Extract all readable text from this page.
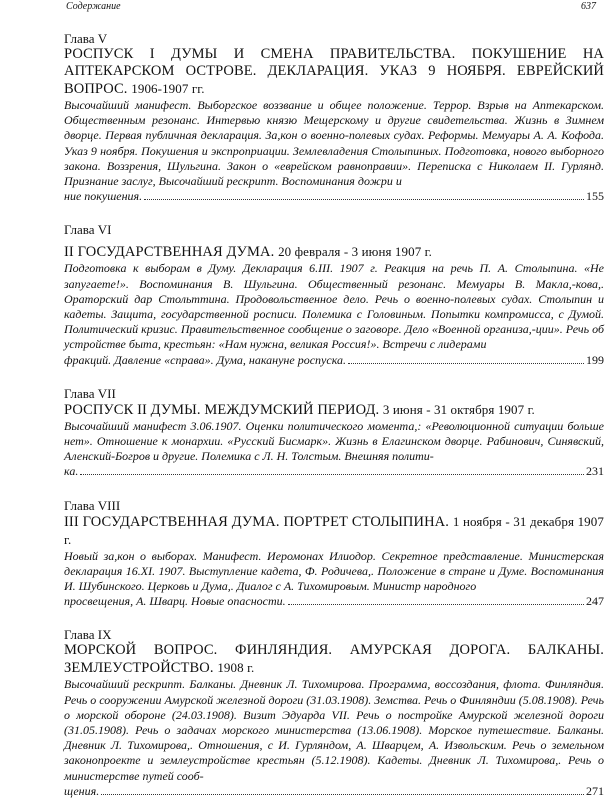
Содержание	637
Глава V
РОСПУСК I ДУМЫ И СМЕНА ПРАВИТЕЛЬСТВА. ПОКУШЕНИЕ НА АПТЕКАРСКОМ ОСТРОВЕ. ДЕКЛАРАЦИЯ. УКАЗ 9 НОЯБРЯ. ЕВРЕЙСКИЙ ВОПРОС. 1906-1907 гг.

Высочайший манифест. Выборгское воззвание и общее положение. Террор. Взрыв на Аптекарском. Общественным резонанс. Интервью князю Мещерскому и другие свидетельства. Жизнь в Зимнем дворце. Первая публичная декларация. За,кон о военно-полевых судах. Реформы. Мемуары А. А. Кофода. Указ 9 ноября. Покушения и экспроприации. Землевладения Столыпиных. Подготовка, нового выборного закона. Воззрения, Шульгина. Закон о «еврейском равноправии». Переписка с Николаем II. Гурлянд. Признание заслуг, Высочайший рескрипт. Воспоминания дожри и

ние покушения.	155
Глава VI
II ГОСУДАРСТВЕННАЯ ДУМА. 20 февраля - 3 июня 1907 г.

Подготовка к выборам в Думу. Декларация 6.III. 1907 г. Реакция на речь П. А. Столыпина. «Не запугаете!». Воспоминания В. Шульгина. Общественный резонанс. Мемуары В. Макла,-кова,. Ораторский дар Стольттина. Продовольственное дело. Речь о военно-полевых судах. Столыпин и кадеты. Защита, государственной росписи. Полемика с Головиным. Попытки компромисса, с Думой. Политический кризис. Правительственное сообщение о заговоре. Дело «Военной организа,-ции». Речь об устройстве быта, крестьян: «Нам нужна, великая Россия!». Встречи с лидерами

фракций. Давление «справа». Дума, накануне роспуска.	199
Глава VII
РОСПУСК II ДУМЫ. МЕЖДУМСКИЙ ПЕРИОД. 3 июня - 31 октября 1907 г.

Высочайший манифест 3.06.1907. Оценки политического момента,: «Революционной ситуации больше нет». Отношение к монархии. «Русский Бисмарк». Жизнь в Елагинском дворце. Рабинович, Синявский, Аленский-Богров и другие. Полемика с Л. Н. Толстым. Внешняя полити-

ка.	231
Глава VIII
III ГОСУДАРСТВЕННАЯ ДУМА. ПОРТРЕТ СТОЛЫПИНА. 1 ноября - 31 декабря 1907 г.

Новый за,кон о выборах. Манифест. Иеромонах Илиодор. Секретное представление. Министерская декларация 16.XI. 1907. Выступление кадета, Ф. Родичева,. Положение в стране и Думе. Воспоминания И. Шубинского. Церковь и Дума,. Диалог с А. Тихомировым. Министр народного

просвещения, А. Шварц. Новые опасности.	247
Глава IX
МОРСКОЙ ВОПРОС. ФИНЛЯНДИЯ. АМУРСКАЯ ДОРОГА. БАЛКАНЫ. ЗЕМЛЕУСТРОЙСТВО. 1908 г.

Высочайший рескрипт. Балканы. Дневник Л. Тихомирова. Программа, воссоздания, флота. Финляндия. Речь о сооружении Амурской железной дороги (31.03.1908). Земства. Речь о Финляндии (5.08.1908). Речь о морской обороне (24.03.1908). Визит Эдуарда VII. Речь о постройке Амурской железной дороги (31.05.1908). Речь о задачах морского министерства (13.06.1908). Морское путешествие. Балканы. Дневник Л. Тихомирова,. Отношения, с И. Гурляндом, А. Шварцем, А. Извольским. Речь о земельном законопроекте и землеустройстве крестьян (5.12.1908). Кадеты. Дневник Л. Тихомирова,. Речь о министерстве путей сооб-

щения.	271
